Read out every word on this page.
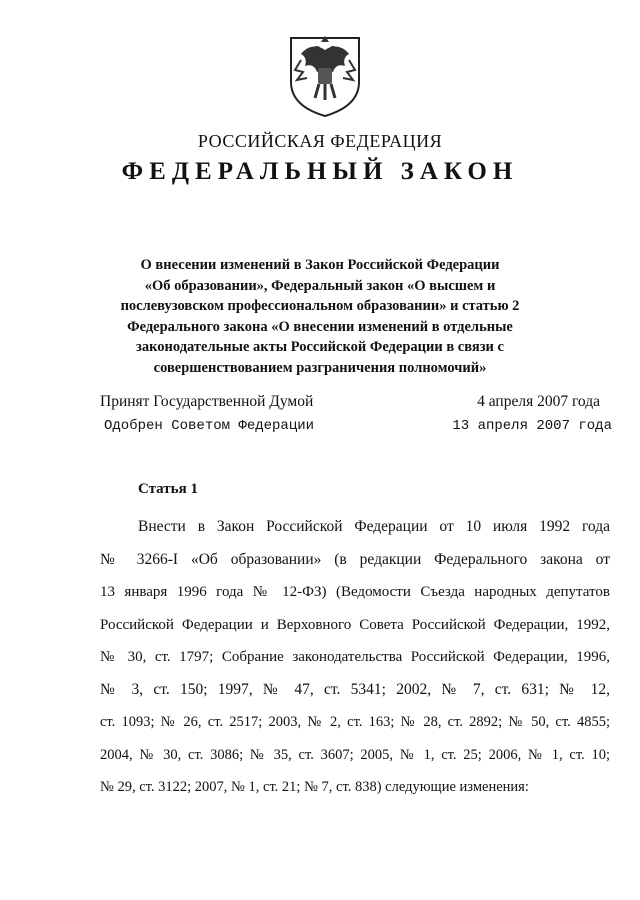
РОССИЙСКАЯ ФЕДЕРАЦИЯ
ФЕДЕРАЛЬНЫЙ ЗАКОН
О внесении изменений в Закон Российской Федерации
«Об образовании», Федеральный закон «О высшем и
послевузовском профессиональном образовании» и статью 2
Федерального закона «О внесении изменений в отдельные
законодательные акты Российской Федерации в связи с
совершенствованием разграничения полномочий»
Принят Государственной Думой	4 апреля 2007 года
Одобрен Советом Федерации	13 апреля 2007 года
Статья 1
Внести в Закон Российской Федерации от 10 июля 1992 года
№ 3266-I «Об образовании» (в редакции Федерального закона от
13 января 1996 года № 12-ФЗ) (Ведомости Съезда народных депутатов
Российской Федерации и Верховного Совета Российской Федерации, 1992,
№ 30, ст. 1797; Собрание законодательства Российской Федерации, 1996,
№ 3, ст. 150; 1997, № 47, ст. 5341; 2002, № 7, ст. 631; № 12,
ст. 1093; № 26, ст. 2517; 2003, № 2, ст. 163; № 28, ст. 2892; № 50, ст. 4855;
2004, № 30, ст. 3086; № 35, ст. 3607; 2005, № 1, ст. 25; 2006, № 1, ст. 10;
№ 29, ст. 3122; 2007, № 1, ст. 21; № 7, ст. 838) следующие изменения:
